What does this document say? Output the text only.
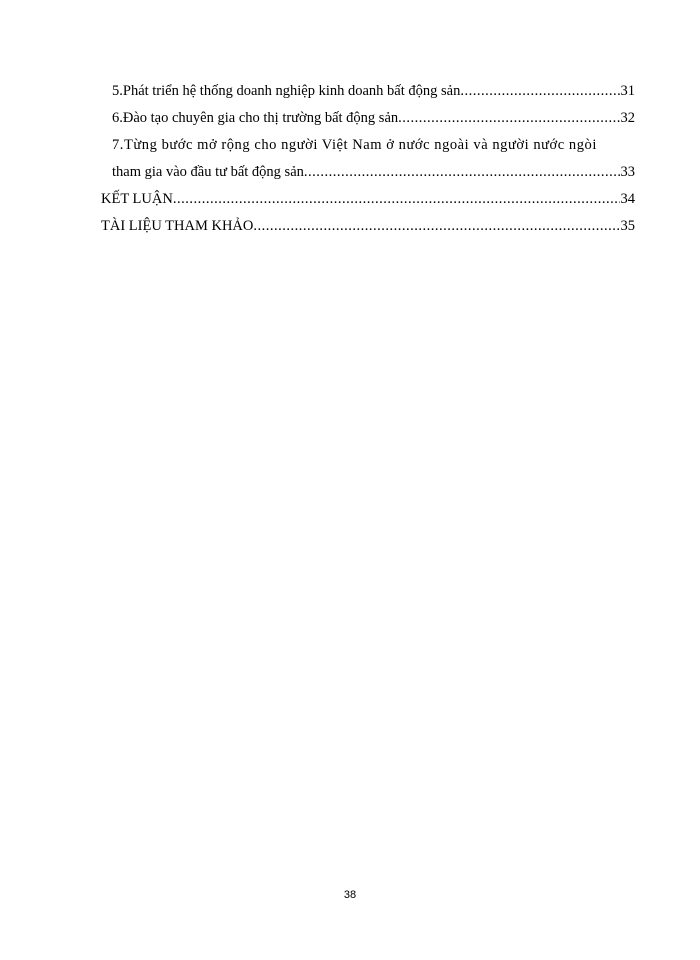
5.Phát triển hệ thống doanh nghiệp kinh doanh bất động sản .....	31
6.Đào tạo chuyên gia cho thị trường bất động sản .....	32
7.Từng bước mở rộng cho người Việt Nam ở nước ngoài và người nước ngòi
tham gia vào đầu tư bất động sản .....	33
KẾT LUẬN .....	34
TÀI LIỆU THAM KHẢO .....	35
38
